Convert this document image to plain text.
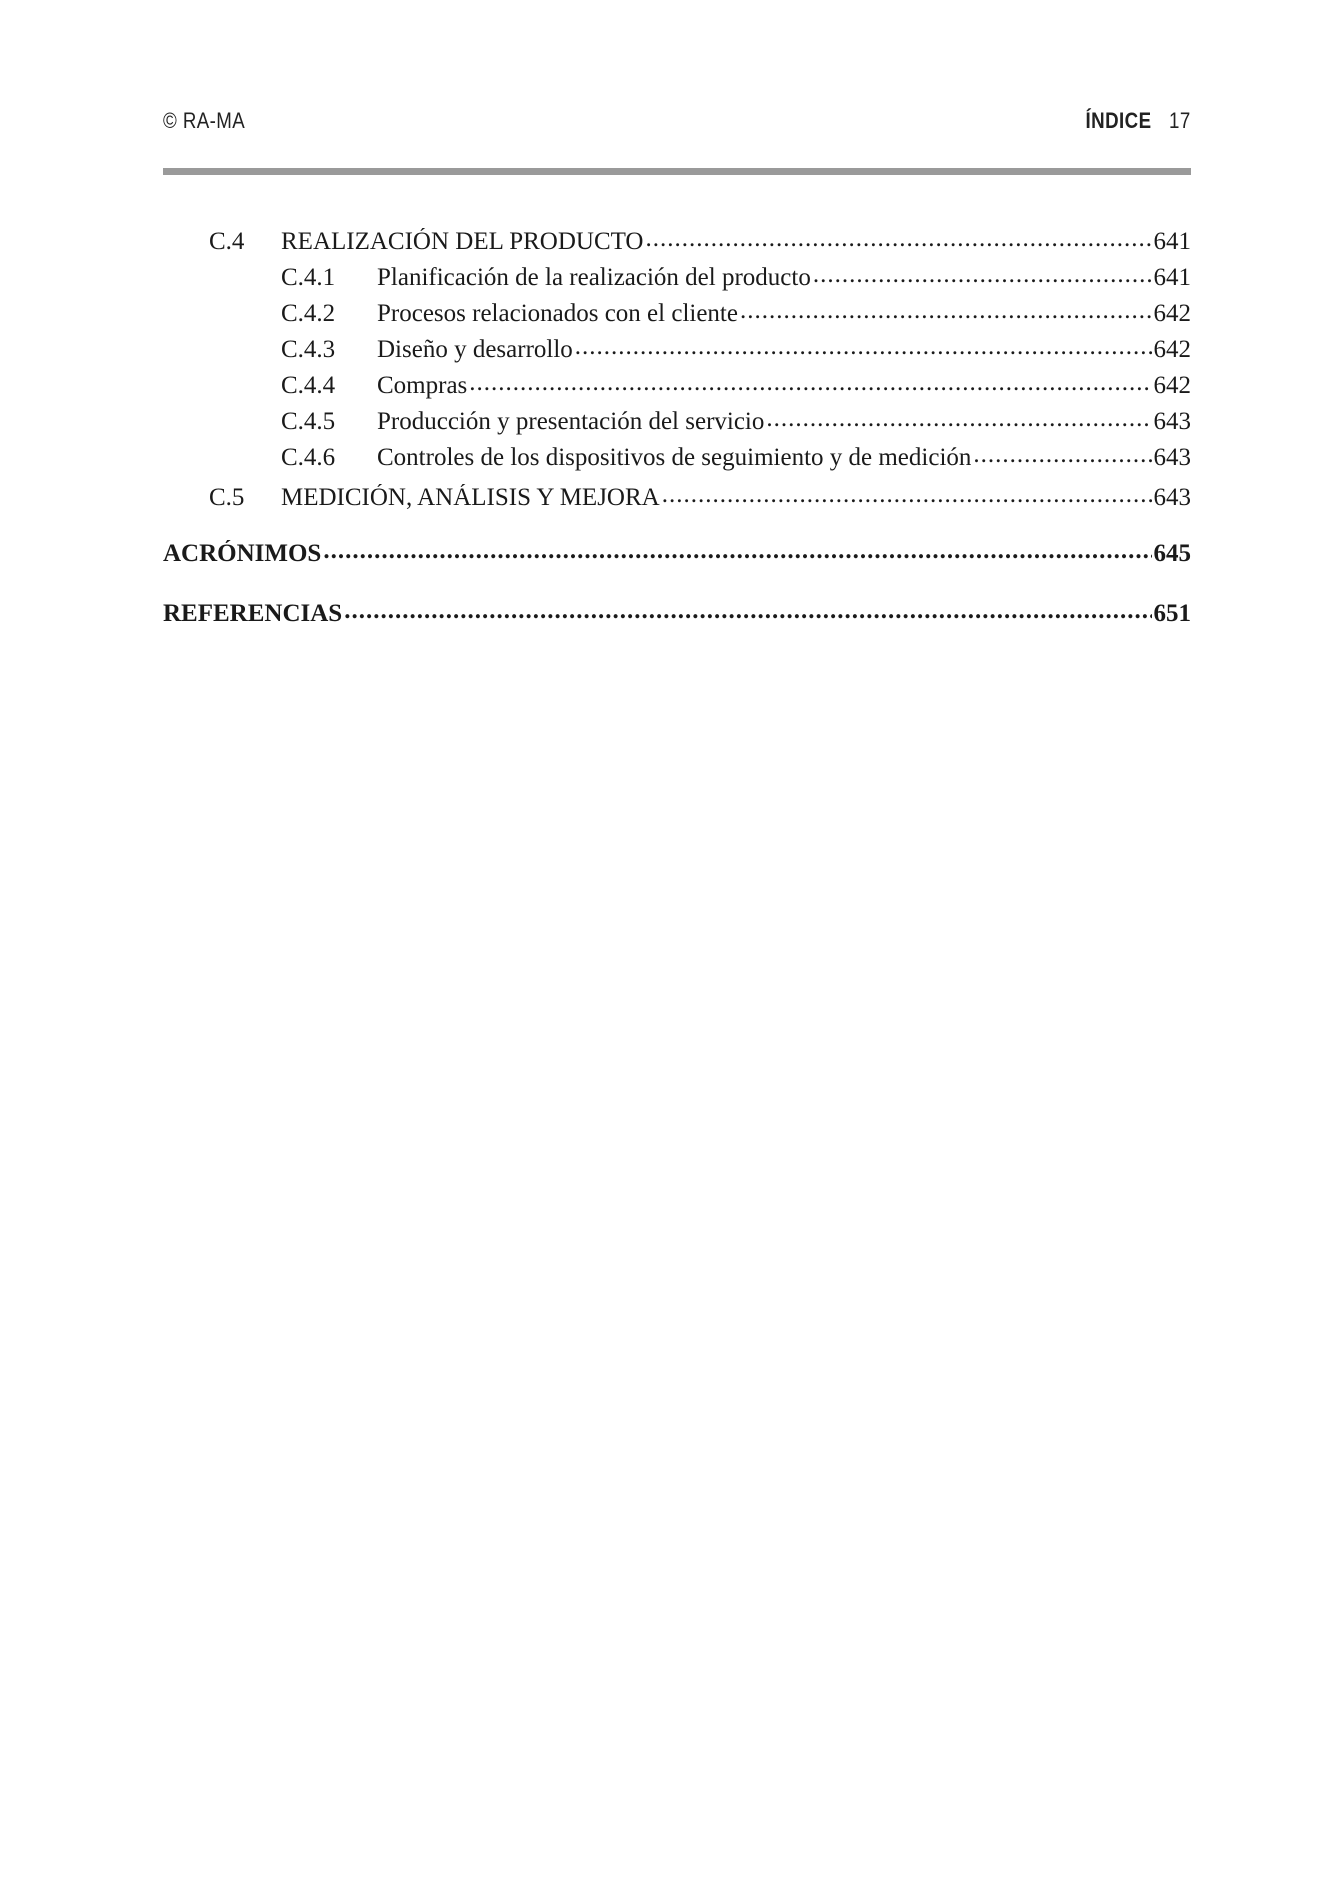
© RA-MA	ÍNDICE 17
C.4	REALIZACIÓN DEL PRODUCTO .....	641
C.4.1	Planificación de la realización del producto .....	641
C.4.2	Procesos relacionados con el cliente .....	642
C.4.3	Diseño y desarrollo .....	642
C.4.4	Compras .....	642
C.4.5	Producción y presentación del servicio .....	643
C.4.6	Controles de los dispositivos de seguimiento y de medición .....	643
C.5	MEDICIÓN, ANÁLISIS Y MEJORA .....	643
ACRÓNIMOS .....	645
REFERENCIAS .....	651
